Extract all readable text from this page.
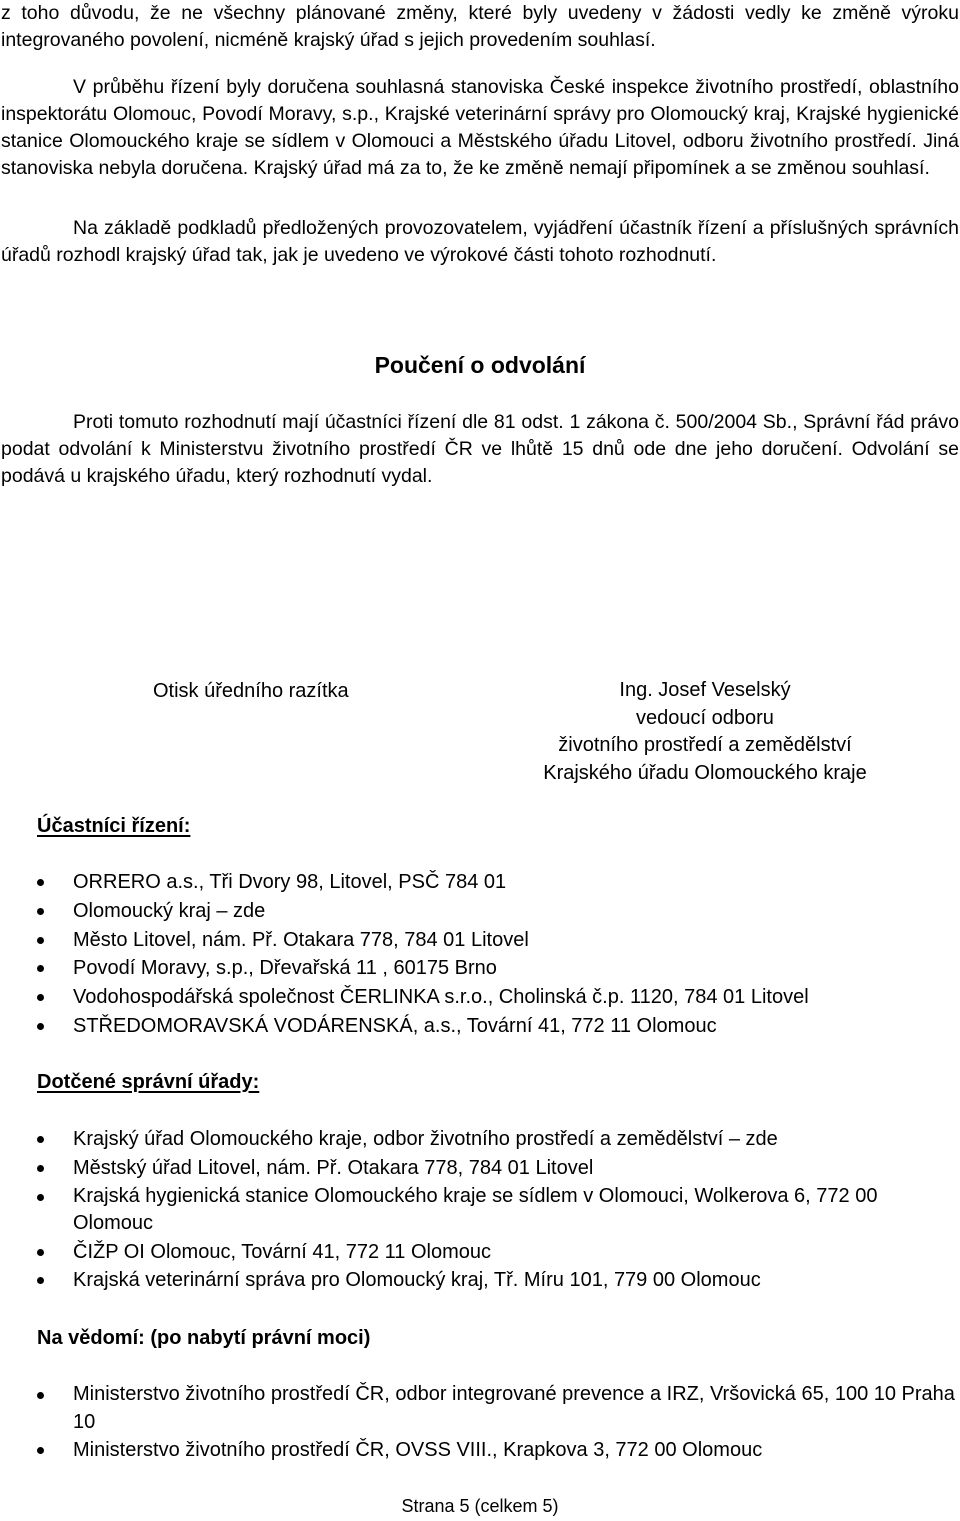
z toho důvodu, že ne všechny plánované změny, které byly uvedeny v žádosti vedly ke změně výroku integrovaného povolení, nicméně krajský úřad s jejich provedením souhlasí.

V průběhu řízení byly doručena souhlasná stanoviska České inspekce životního prostředí, oblastního inspektorátu Olomouc, Povodí Moravy, s.p., Krajské veterinární správy pro Olomoucký kraj, Krajské hygienické stanice Olomouckého kraje se sídlem v Olomouci a Městského úřadu Litovel, odboru životního prostředí. Jiná stanoviska nebyla doručena. Krajský úřad má za to, že ke změně nemají připomínek a se změnou souhlasí.

Na základě podkladů předložených provozovatelem, vyjádření účastník řízení a příslušných správních úřadů rozhodl krajský úřad tak, jak je uvedeno ve výrokové části tohoto rozhodnutí.

Poučení o odvolání

Proti tomuto rozhodnutí mají účastníci řízení dle 81 odst. 1 zákona č. 500/2004 Sb., Správní řád právo podat odvolání k Ministerstvu životního prostředí ČR ve lhůtě 15 dnů ode dne jeho doručení. Odvolání se podává u krajského úřadu, který rozhodnutí vydal.

Otisk úředního razítka	Ing. Josef Veselský
vedoucí odboru
životního prostředí a zemědělství
Krajského úřadu Olomouckého kraje
Účastníci řízení:
ORRERO a.s., Tři Dvory 98, Litovel, PSČ 784 01
Olomoucký kraj – zde
Město Litovel, nám. Př. Otakara 778, 784 01 Litovel
Povodí Moravy, s.p., Dřevařská 11 , 60175 Brno
Vodohospodářská společnost ČERLINKA s.r.o., Cholinská č.p. 1120, 784 01 Litovel
STŘEDOMORAVSKÁ VODÁRENSKÁ, a.s., Tovární 41, 772 11 Olomouc
Dotčené správní úřady:
Krajský úřad Olomouckého kraje, odbor životního prostředí a zemědělství – zde
Městský úřad Litovel, nám. Př. Otakara 778, 784 01 Litovel
Krajská hygienická stanice Olomouckého kraje se sídlem v Olomouci, Wolkerova 6, 772 00 Olomouc
ČIŽP OI Olomouc, Tovární 41, 772 11 Olomouc
Krajská veterinární správa pro Olomoucký kraj, Tř. Míru 101, 779 00 Olomouc
Na vědomí: (po nabytí právní moci)
Ministerstvo životního prostředí ČR, odbor integrované prevence a IRZ, Vršovická 65, 100 10 Praha 10
Ministerstvo životního prostředí ČR, OVSS VIII., Krapkova 3, 772 00 Olomouc
Strana 5 (celkem 5)
